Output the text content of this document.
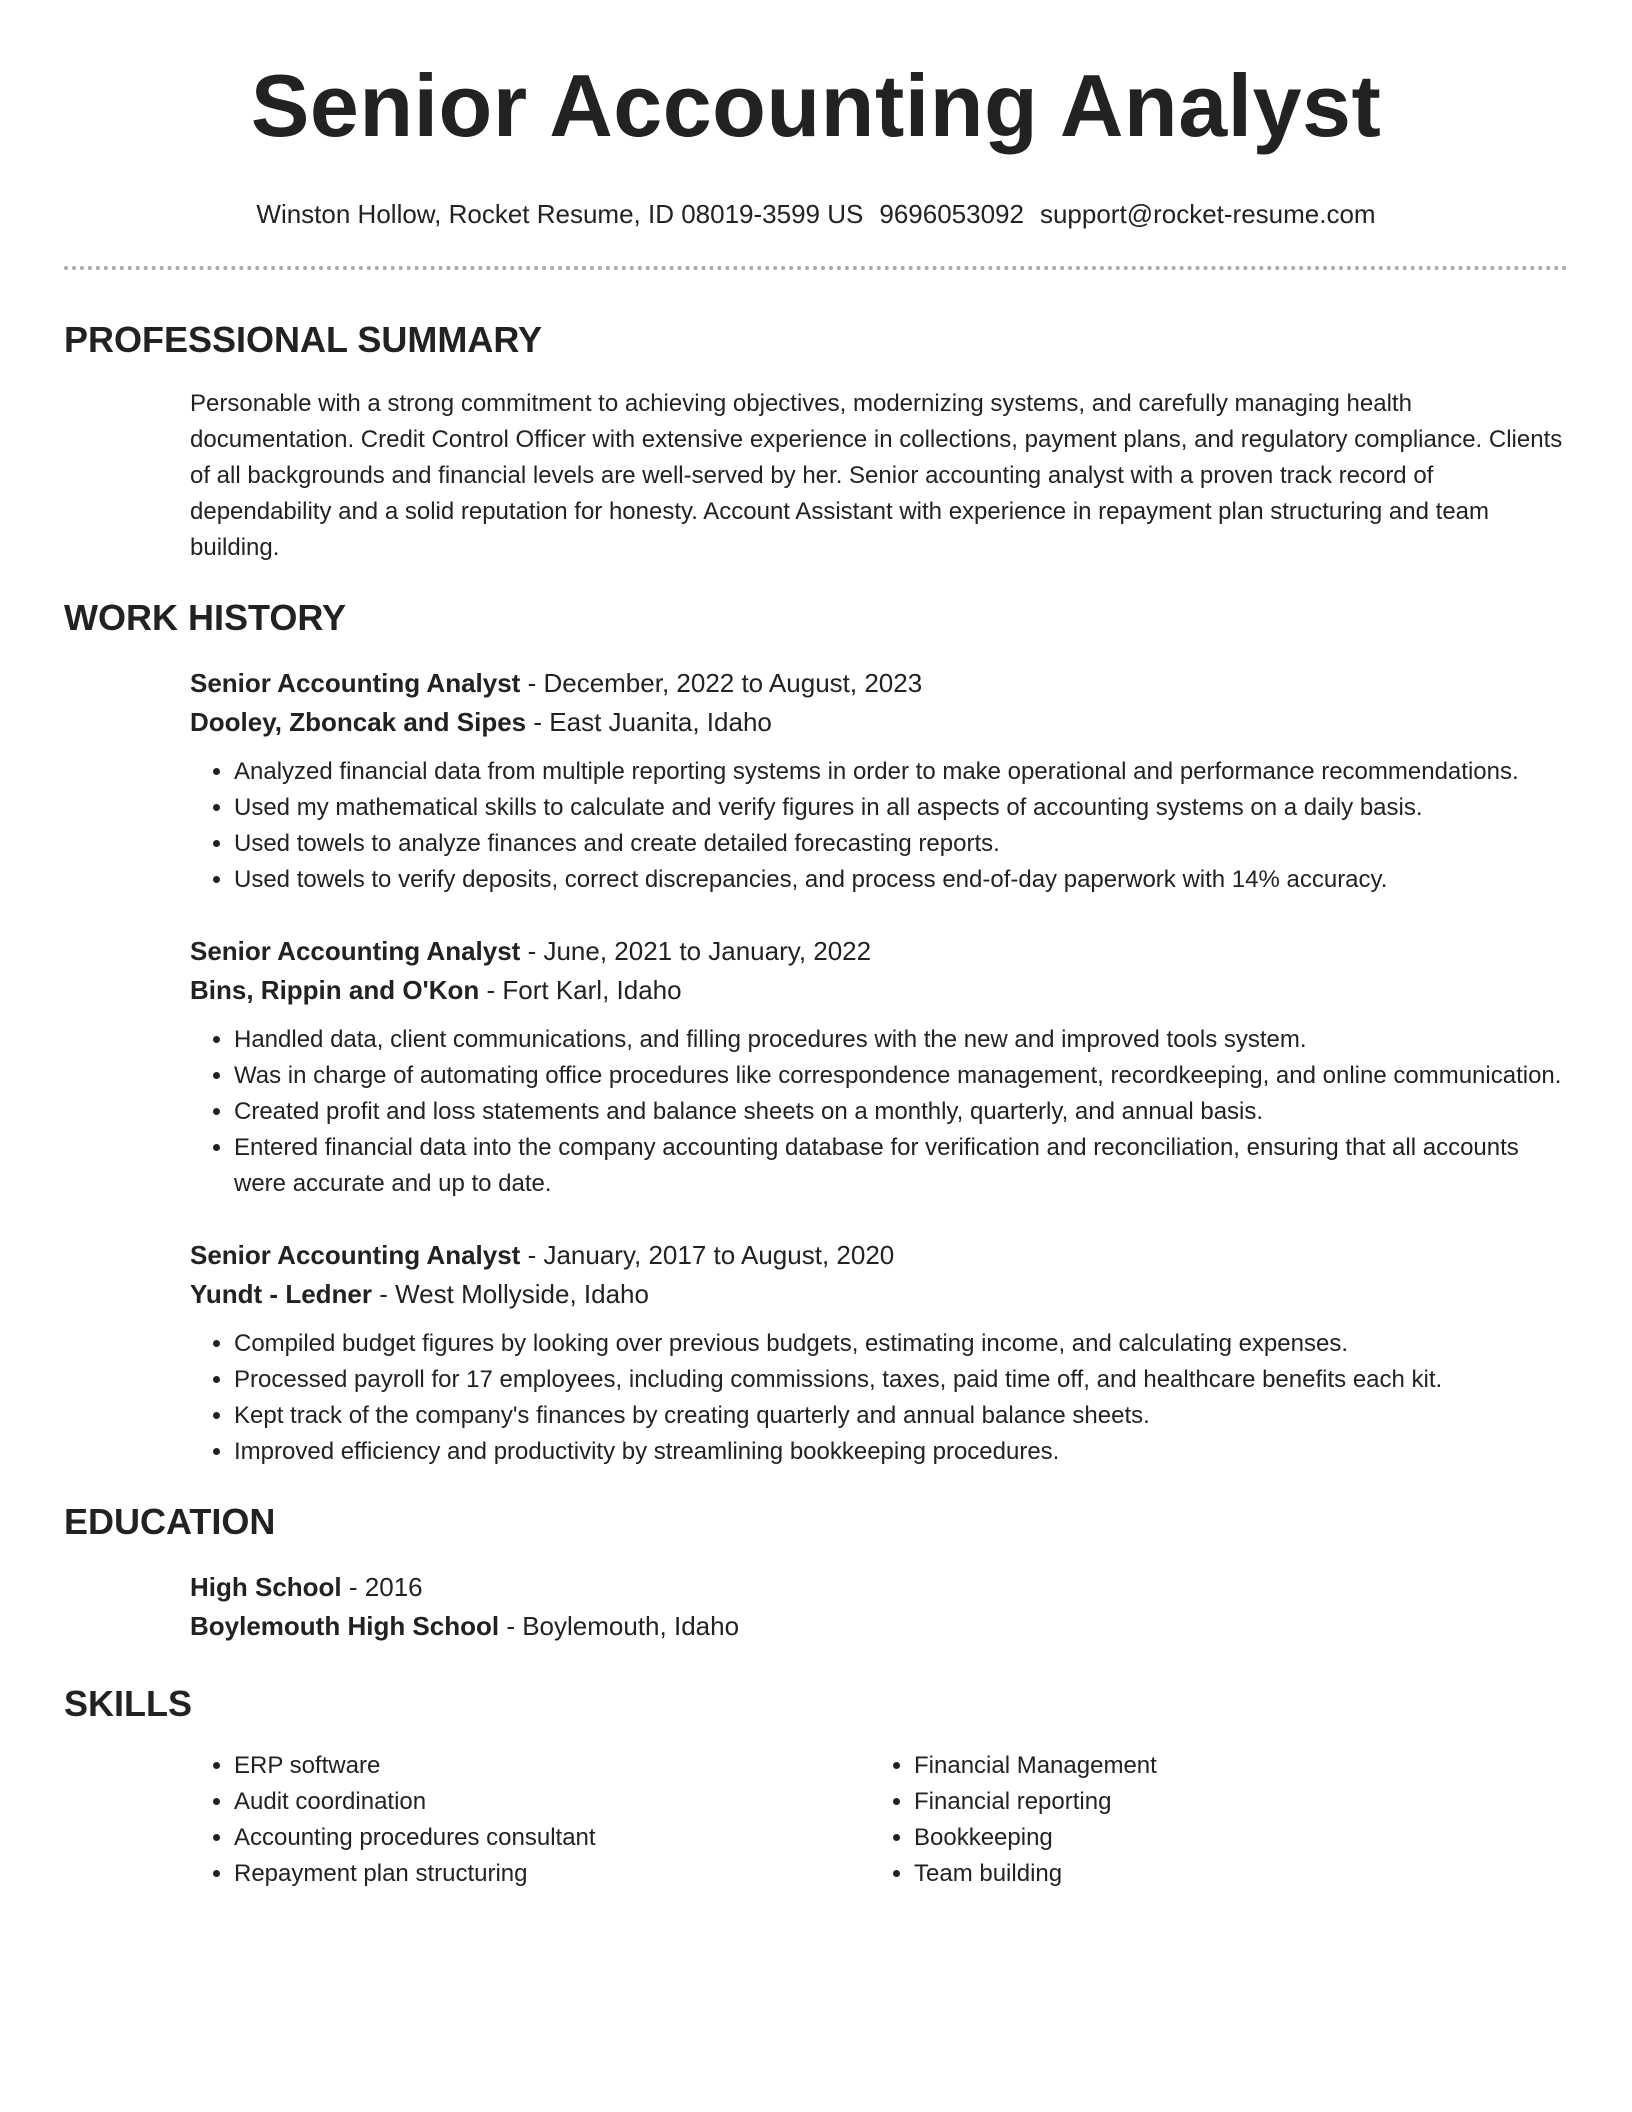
Senior Accounting Analyst
Winston Hollow, Rocket Resume, ID 08019-3599 US 9696053092 support@rocket-resume.com
PROFESSIONAL SUMMARY

Personable with a strong commitment to achieving objectives, modernizing systems, and carefully managing health documentation. Credit Control Officer with extensive experience in collections, payment plans, and regulatory compliance. Clients of all backgrounds and financial levels are well-served by her. Senior accounting analyst with a proven track record of dependability and a solid reputation for honesty. Account Assistant with experience in repayment plan structuring and team building.

WORK HISTORY
Senior Accounting Analyst - December, 2022 to August, 2023
Dooley, Zboncak and Sipes - East Juanita, Idaho
• Analyzed financial data from multiple reporting systems in order to make operational and performance recommendations.
• Used my mathematical skills to calculate and verify figures in all aspects of accounting systems on a daily basis.
• Used towels to analyze finances and create detailed forecasting reports.
• Used towels to verify deposits, correct discrepancies, and process end-of-day paperwork with 14% accuracy.
Senior Accounting Analyst - June, 2021 to January, 2022
Bins, Rippin and O'Kon - Fort Karl, Idaho
• Handled data, client communications, and filling procedures with the new and improved tools system.
• Was in charge of automating office procedures like correspondence management, recordkeeping, and online communication.
• Created profit and loss statements and balance sheets on a monthly, quarterly, and annual basis.
• Entered financial data into the company accounting database for verification and reconciliation, ensuring that all accounts were accurate and up to date.
Senior Accounting Analyst - January, 2017 to August, 2020
Yundt - Ledner - West Mollyside, Idaho
• Compiled budget figures by looking over previous budgets, estimating income, and calculating expenses.
• Processed payroll for 17 employees, including commissions, taxes, paid time off, and healthcare benefits each kit.
• Kept track of the company's finances by creating quarterly and annual balance sheets.
• Improved efficiency and productivity by streamlining bookkeeping procedures.
EDUCATION
High School - 2016
Boylemouth High School - Boylemouth, Idaho
SKILLS
• ERP software
• Audit coordination
• Accounting procedures consultant
• Repayment plan structuring
• Financial Management
• Financial reporting
• Bookkeeping
• Team building
